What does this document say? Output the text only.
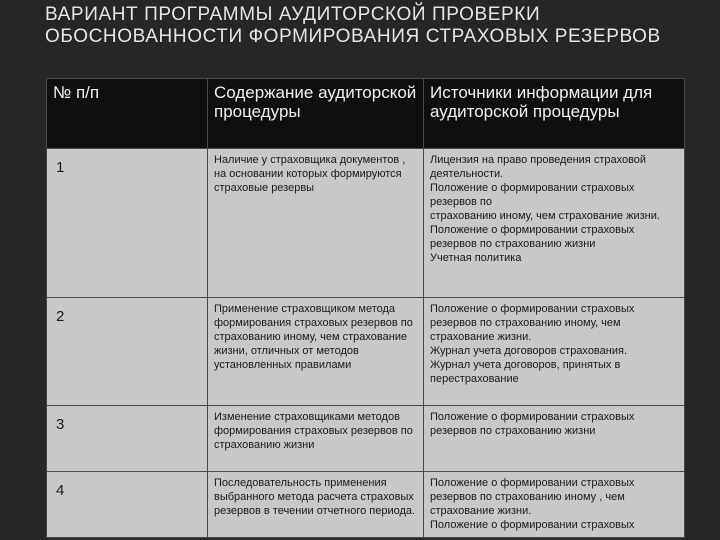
ВАРИАНТ ПРОГРАММЫ АУДИТОРСКОЙ ПРОВЕРКИ ОБОСНОВАННОСТИ ФОРМИРОВАНИЯ СТРАХОВЫХ РЕЗЕРВОВ
№ п/п	Содержание аудиторской процедуры	Источники информации для аудиторской процедуры
1	Наличие у страховщика документов , на основании которых формируются страховые резервы	Лицензия на право проведения страховой деятельности.
Положение о формировании страховых резервов по
страхованию иному, чем страхование жизни.
Положение о формировании страховых резервов по страхованию жизни
Учетная политика
2	Применение страховщиком метода формирования страховых резервов по страхованию иному, чем страхование жизни, отличных от методов установленных правилами	Положение о формировании страховых резервов по страхованию иному, чем страхование жизни.
Журнал учета договоров страхования.
Журнал учета договоров, принятых в перестрахование
3	Изменение страховщиками методов формирования страховых резервов по страхованию жизни	Положение о формировании страховых резервов по страхованию жизни
4	Последовательность применения выбранного метода расчета страховых резервов в течении отчетного периода.	Положение о формировании страховых резервов по страхованию иному , чем страхование жизни.
Положение о формировании страховых
